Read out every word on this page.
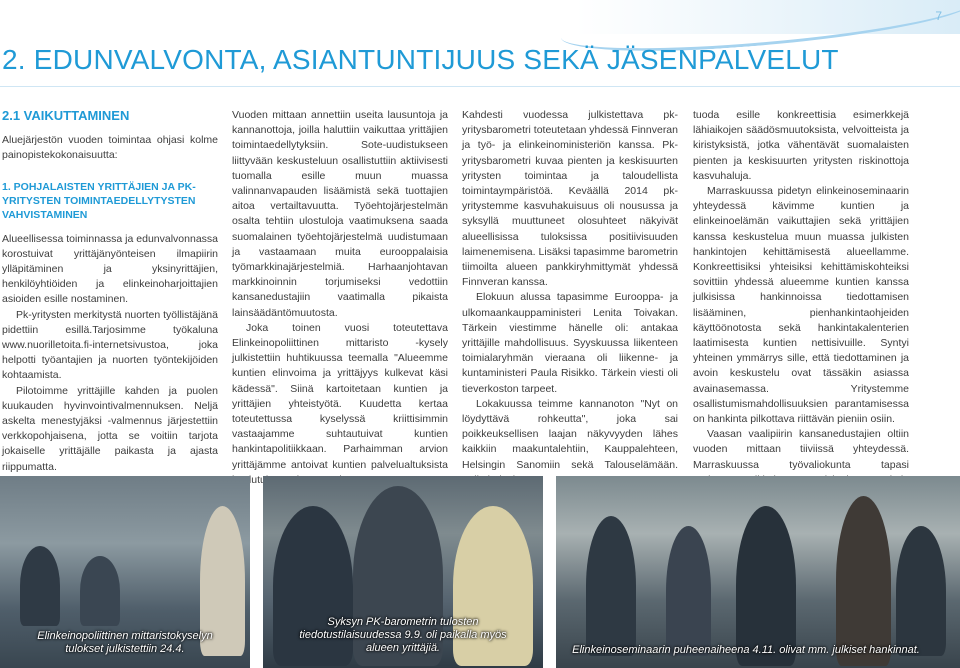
7
2. EDUNVALVONTA, ASIANTUNTIJUUS SEKÄ JÄSENPALVELUT
2.1 VAIKUTTAMINEN

Aluejärjestön vuoden toimintaa ohjasi kolme painopistekokonaisuutta:

1. POHJALAISTEN YRITTÄJIEN JA PK-YRITYSTEN TOIMINTAEDELLYTYSTEN VAHVISTAMINEN

Alueellisessa toiminnassa ja edunvalvonnassa korostuivat yrittäjänyönteisen ilmapiirin ylläpitäminen ja yksinyrittäjien, henkilöyhtiöiden ja elinkeinoharjoittajien asioiden esille nostaminen.

Pk-yritysten merkitystä nuorten työllistäjänä pidettiin esillä.Tarjosimme työkaluna www.nuorilletoita.fi-internetsivustoa, joka helpotti työantajien ja nuorten työntekijöiden kohtaamista.

Pilotoimme yrittäjille kahden ja puolen kuukauden hyvinvointivalmennuksen. Neljä askelta menestyjäksi -valmennus järjestettiin verkkopohjaisena, jotta se voitiin tarjota jokaiselle yrittäjälle paikasta ja ajasta riippumatta.

Vuoden mittaan annettiin useita lausuntoja ja kannanottoja, joilla haluttiin vaikuttaa yrittäjien toimintaedellytyksiin. Sote-uudistukseen liittyvään keskusteluun osallistuttiin aktiivisesti tuomalla esille muun muassa valinnanvapauden lisäämistä sekä tuottajien aitoa vertailtavuutta. Työehtojärjestelmän osalta tehtiin ulostuloja vaatimuksena saada suomalainen työehtojärjestelmä uudistumaan ja vastaamaan muita eurooppalaisia työmarkkinajärjestelmiä. Harhaanjohtavan markkinoinnin torjumiseksi vedottiin kansanedustajiin vaatimalla pikaista lainsäädäntömuutosta.

Joka toinen vuosi toteutettava Elinkeinopoliittinen mittaristo -kysely julkistettiin huhtikuussa teemalla "Alueemme kuntien elinvoima ja yrittäjyys kulkevat käsi kädessä". Siinä kartoitetaan kuntien ja yrittäjien yhteistyötä. Kuudetta kertaa toteutettussa kyselyssä kriittisimmin vastaajamme suhtautuivat kuntien hankintapolitiikkaan. Parhaimman arvion yrittäjämme antoivat kuntien palvelualtuksista

Kahdesti vuodessa julkistettava pk-yritysbarometri toteutetaan yhdessä Finnveran ja työ- ja elinkeinoministeriön kanssa. Pk-yritysbarometri kuvaa pienten ja keskisuurten yritysten toimintaa ja taloudellista toimintaympäristöä. Keväällä 2014 pk-yritystemme kasvuhakuisuus oli nousussa ja syksyllä muuttuneet olosuhteet näkyivät alueellisissa tuloksissa positiivisuuden laimenemisena. Lisäksi tapasimme barometrin tiimoilta alueen pankkiryhmittymät yhdessä Finnveran kanssa.

Elokuun alussa tapasimme Eurooppa- ja ulkomaankauppaministeri Lenita Toivakan. Tärkein viestimme hänelle oli: antakaa yrittäjille mahdollisuus. Syyskuussa liikenteen toimialaryhmän vieraana oli liikenne- ja kuntaministeri Paula Risikko. Tärkein viesti oli tieverkoston tarpeet.

Lokakuussa teimme kannanoton "Nyt on löydyttävä rohkeutta", joka sai poikkeuksellisen laajan näkyvyyden lähes kaikkiin maakuntalehtiin, Kauppalehteen, Helsingin Sanomiin sekä Talouselämään.

tuoda esille konkreettisia esimerkkejä lähiaikojen säädösmuutoksista, velvoitteista ja kiristyksistä, jotka vähentävät suomalaisten pienten ja keskisuurten yritysten riskinottoja kasvuhaluja.

Marraskuussa pidetyn elinkeinoseminaarin yhteydessä kävimme kuntien ja elinkeinoelämän vaikuttajien sekä yrittäjien kanssa keskustelua muun muassa julkisten hankintojen kehittämisestä alueellamme. Konkreettisiksi yhteisiksi kehittämiskohteiksi sovittiin yhdessä alueemme kuntien kanssa julkisissa hankinnoissa tiedottamisen lisääminen, pienhankintaohjeiden käyttöönotosta sekä hankintakalenterien laatimisesta kuntien nettisivuille. Syntyi yhteinen ymmärrys sille, että tiedottaminen ja avoin keskustelu ovat tässäkin asiassa avainasemassa. Yritystemme osallistumismahdollisuuksien parantamisessa on hankinta pilkottava riittävän pieniin osiin.

Vaasan vaalipiirin kansanedustajien oltiin vuoden mittaan tiiviissä yhteydessä. Marraskuussa työvaliokunta tapasi

Elinkeinopoliittinen mittaristokyselyn tulokset julkistettiin 24.4.
Syksyn PK-barometrin tulosten tiedotustilaisuudessa 9.9. oli paikalla myös alueen yrittäjiä.	Elinkeinoseminaarin puheenaiheena 4.11. olivat mm. julkiset hankinnat.
